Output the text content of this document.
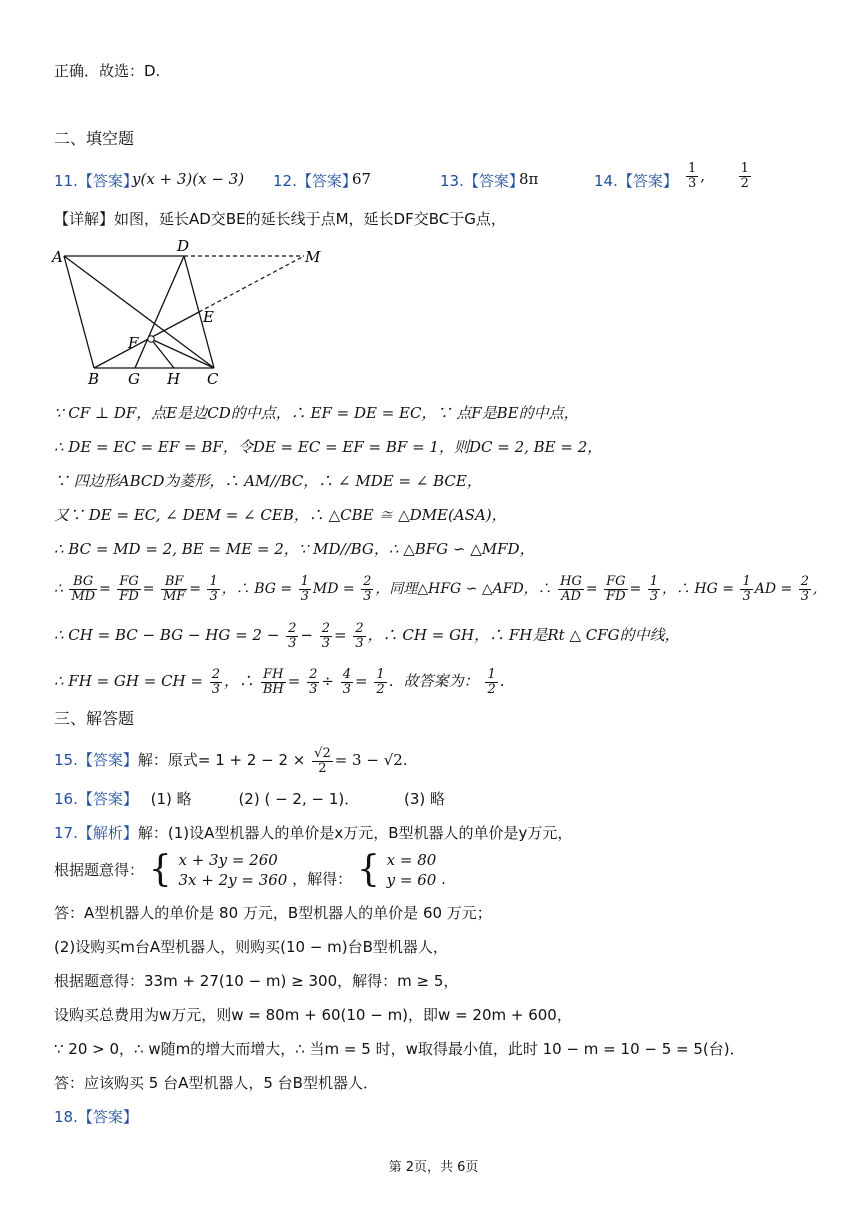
正确．故选：D.
二、填空题
11.【答案】
y(x + 3)(x − 3) 12.【答案】
67	13.【答案】
8π	14.【答案】 $\frac{1}{3}$ ,	$\frac{1}{2}$
【详解】如图，延长AD交BE的延长线于点M，延长DF交BC于G点，
A
D
M
E
F
B G H C
∵ CF ⊥ DF，点E是边CD的中点，∴ EF = DE = EC，∵ 点F是BE的中点，
∴ DE = EC = EF = BF，令DE = EC = EF = BF = 1，则DC = 2, BE = 2，
∵ 四边形ABCD为菱形，∴ AM//BC，∴ ∠ MDE = ∠ BCE，
又∵ DE = EC, ∠ DEM = ∠ CEB，∴ △CBE ≅ △DME(ASA)，
∴ BC = MD = 2, BE = ME = 2，∵ MD//BG，∴ △BFG ∽ △MFD，
∴ $\frac{BG}{MD} = \frac{FG}{FD} = \frac{BF}{MF} = \frac{1}{3}$ ，∴ BG = $\frac{1}{3}$ MD = $\frac{2}{3}$ ，同理△HFG ∽ △AFD，∴ $\frac{HG}{AD} = \frac{FG}{FD} = \frac{1}{3}$ ，∴ HG = $\frac{1}{3}$ AD = $\frac{2}{3}$ ,
∴ CH = BC − BG − HG = $2 - \frac{2}{3} - \frac{2}{3} = \frac{2}{3}$ ，∴ CH = GH，∴ FH是Rt △ CFG的中线，
∴ FH = GH = CH = $\frac{2}{3}$ ，∴ $\frac{FH}{BH} = \frac{2}{3} \div \frac{4}{3} = \frac{1}{2}$ ．故答案为： $\frac{1}{2}$ .
三、解答题
15.【答案】解：原式= $1 + 2 - 2 \times \frac{√2}{2} = 3 - √2$.
16.【答案】 (1) 略	(2) ( − 2, − 1)．	(3) 略
17.【解析】解：(1)设A型机器人的单价是x万元，B型机器人的单价是y万元，
根据题意得： { x + 3y = 260
3x + 2y = 360 ，解得： { x = 80
y = 60 .
答：A型机器人的单价是 80 万元，B型机器人的单价是 60 万元；
(2)设购买m台A型机器人，则购买(10 − m)台B型机器人，
根据题意得：33m + 27(10 − m) ≥ 300，解得：m ≥ 5，
设购买总费用为w万元，则w = 80m + 60(10 − m)，即w = 20m + 600，
∵ 20 > 0，∴ w随m的增大而增大，∴ 当m = 5 时，w取得最小值，此时 10 − m = 10 − 5 = 5(台)．
答：应该购买 5 台A型机器人，5 台B型机器人．
18.【答案】
第 2页，共 6页
